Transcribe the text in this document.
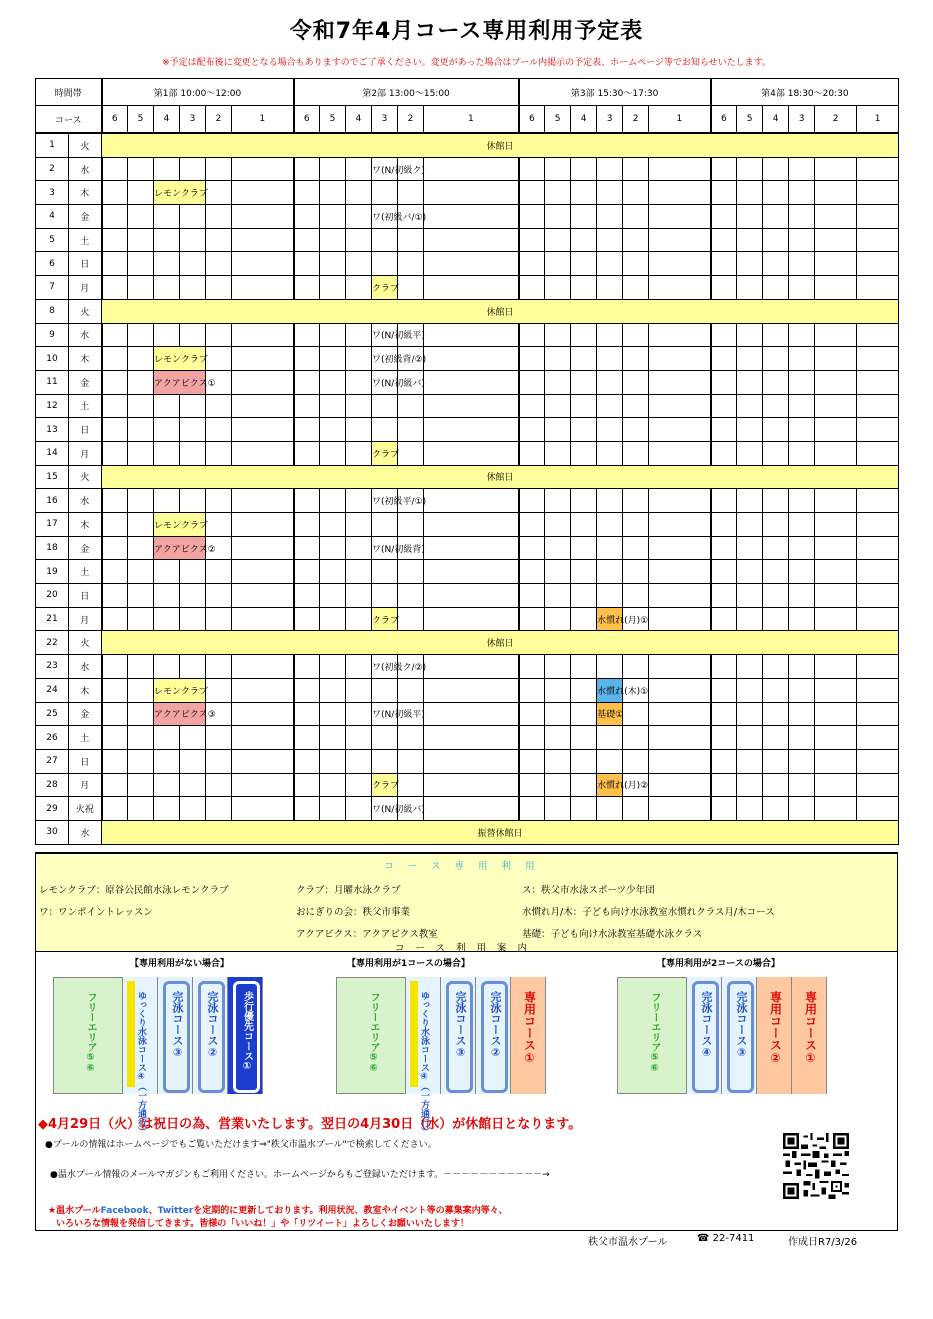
令和7年4月コース専用利用予定表
※予定は配布後に変更となる場合もありますのでご了承ください。変更があった場合はプール内掲示の予定表、ホームページ等でお知らせいたします。
時間帯		第1部 10:00～12:00						第2部 13:00～15:00						第3部 15:30～17:30						第4部 18:30～20:30					
コース		6	5	4	3	2	1	6	5	4	3	2	1	6	5	4	3	2	1	6	5	4	3	2	1
1	火	休館日																							
2	水										ワ(N/初級ク)														
3	木			レモンクラブ																					
4	金										ワ(初級バ/①)														
5	土																								
6	日																								
7	月										クラブ														
8	火	休館日																							
9	水										ワ(N/初級平)														
10	木			レモンクラブ							ワ(初級背/②)														
11	金			アクアビクス①							ワ(N/初級バ)														
12	土																								
13	日																								
14	月										クラブ														
15	火	休館日																							
16	水										ワ(初級平/①)														
17	木			レモンクラブ																					
18	金			アクアビクス②							ワ(N/初級背)														
19	土																								
20	日																								
21	月										クラブ						水慣れ(月)①								
22	火	休館日																							
23	水										ワ(初級ク/②)														
24	木			レモンクラブ													水慣れ(木)①								
25	金			アクアビクス③							ワ(N/初級平)						基礎①								
26	土																								
27	日																								
28	月										クラブ						水慣れ(月)②								
29	火祝										ワ(N/初級バ)														
30	水	振替休館日																							
コース専用利用
レモンクラブ：原谷公民館水泳レモンクラブ	クラブ：月曜水泳クラブ	ス：秩父市水泳スポーツ少年団
ワ：ワンポイントレッスン	おにぎりの会：秩父市事業	水慣れ月/木：子ども向け水泳教室水慣れクラス月/木コース
アクアビクス：アクアビクス教室	基礎：子ども向け水泳教室基礎水泳クラス
コース利用案内
【専用利用がない場合】	【専用利用が1コースの場合】	【専用利用が2コースの場合】
フリーエリア⑤⑥	ゆっくり水泳コース④（一方通行） 完泳コース③ 完泳コース② 歩行優先コース①	フリーエリア⑤⑥	ゆっくり水泳コース④（一方通行） 完泳コース③ 完泳コース② 専用コース①	フリーエリア⑤⑥	完泳コース④ 完泳コース③ 専用コース② 専用コース①
◆4月29日（火）は祝日の為、営業いたします。翌日の4月30日（水）が休館日となります。
●プールの情報はホームページでもご覧いただけます⇒"秩父市温水プール"で検索してください。
●温水プール情報のメールマガジンもご利用ください。ホームページからもご登録いただけます。－－－－－－－－－－－→
★温水プールFacebook、Twitterを定期的に更新しております。利用状況、教室やイベント等の募集案内等々、
いろいろな情報を発信してきます。皆様の「いいね！」や「リツイート」よろしくお願いいたします！
秩父市温水プール	☎ 22-7411	作成日R7/3/26
